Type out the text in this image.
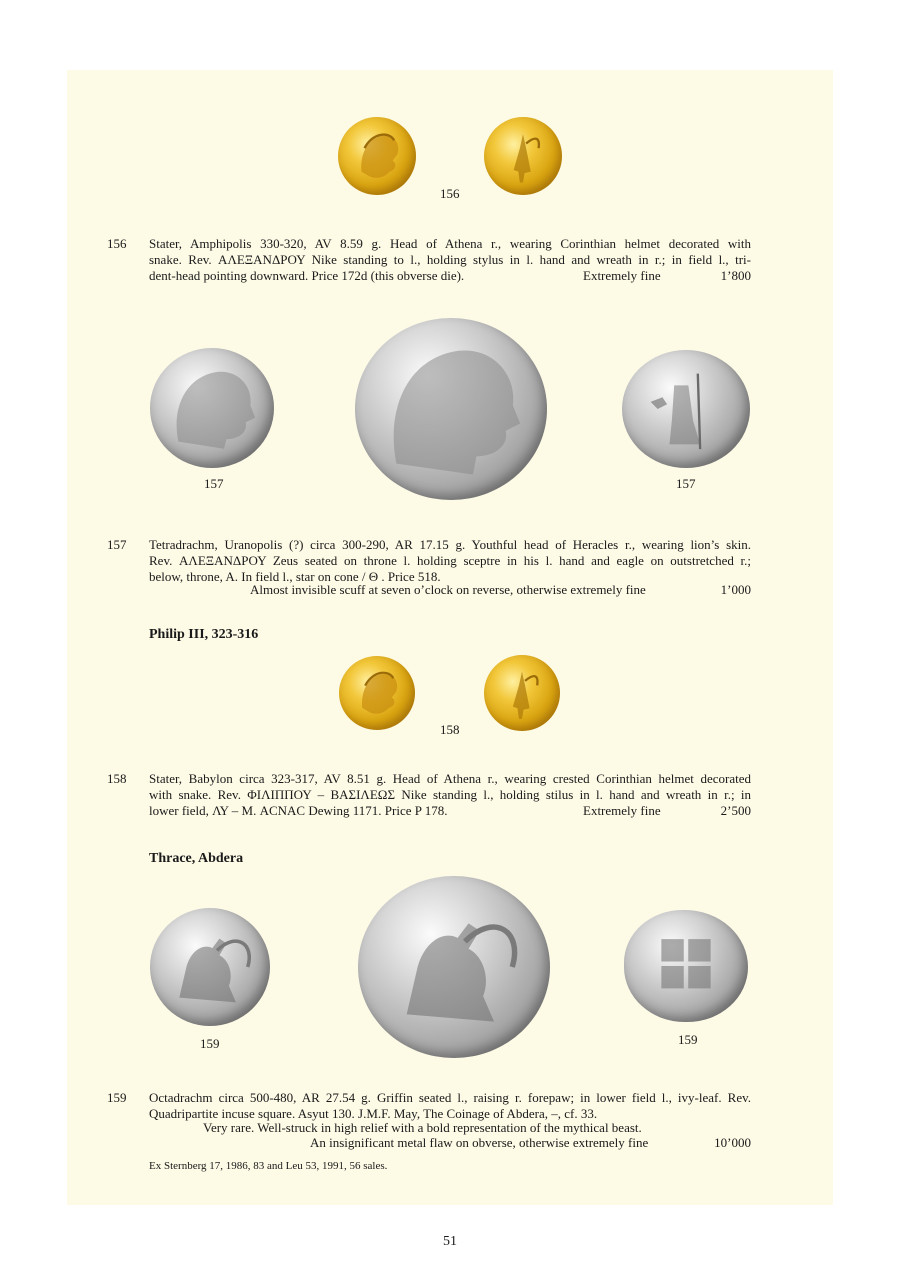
156
156 Stater, Amphipolis 330-320, AV 8.59 g. Head of Athena r., wearing Corinthian helmet decorated with
snake. Rev. ΑΛΕΞΑΝΔΡΟΥ Nike standing to l., holding stylus in l. hand and wreath in r.; in field l., tri-
dent-head pointing downward. Price 172d (this obverse die).	Extremely fine	1’800
157	157
157 Tetradrachm, Uranopolis (?) circa 300-290, AR 17.15 g. Youthful head of Heracles r., wearing lion’s skin.
Rev. ΑΛΕΞΑΝΔΡΟΥ Zeus seated on throne l. holding sceptre in his l. hand and eagle on outstretched r.;
below, throne, A. In field l., star on cone / Θ . Price 518.
Almost invisible scuff at seven o’clock on reverse, otherwise extremely fine	1’000
Philip III, 323-316
158
158 Stater, Babylon circa 323-317, AV 8.51 g. Head of Athena r., wearing crested Corinthian helmet decorated
with snake. Rev. ΦΙΛΙΠΠΟΥ – ΒΑΣΙΛΕΩΣ Nike standing l., holding stilus in l. hand and wreath in r.; in
lower field, ΛΥ – Μ. ACNAC Dewing 1171. Price P 178.	Extremely fine	2’500
Thrace, Abdera
159	159
159 Octadrachm circa 500-480, AR 27.54 g. Griffin seated l., raising r. forepaw; in lower field l., ivy-leaf. Rev.
Quadripartite incuse square. Asyut 130. J.M.F. May, The Coinage of Abdera, –, cf. 33.
Very rare. Well-struck in high relief with a bold representation of the mythical beast.
An insignificant metal flaw on obverse, otherwise extremely fine	10’000
Ex Sternberg 17, 1986, 83 and Leu 53, 1991, 56 sales.
51
